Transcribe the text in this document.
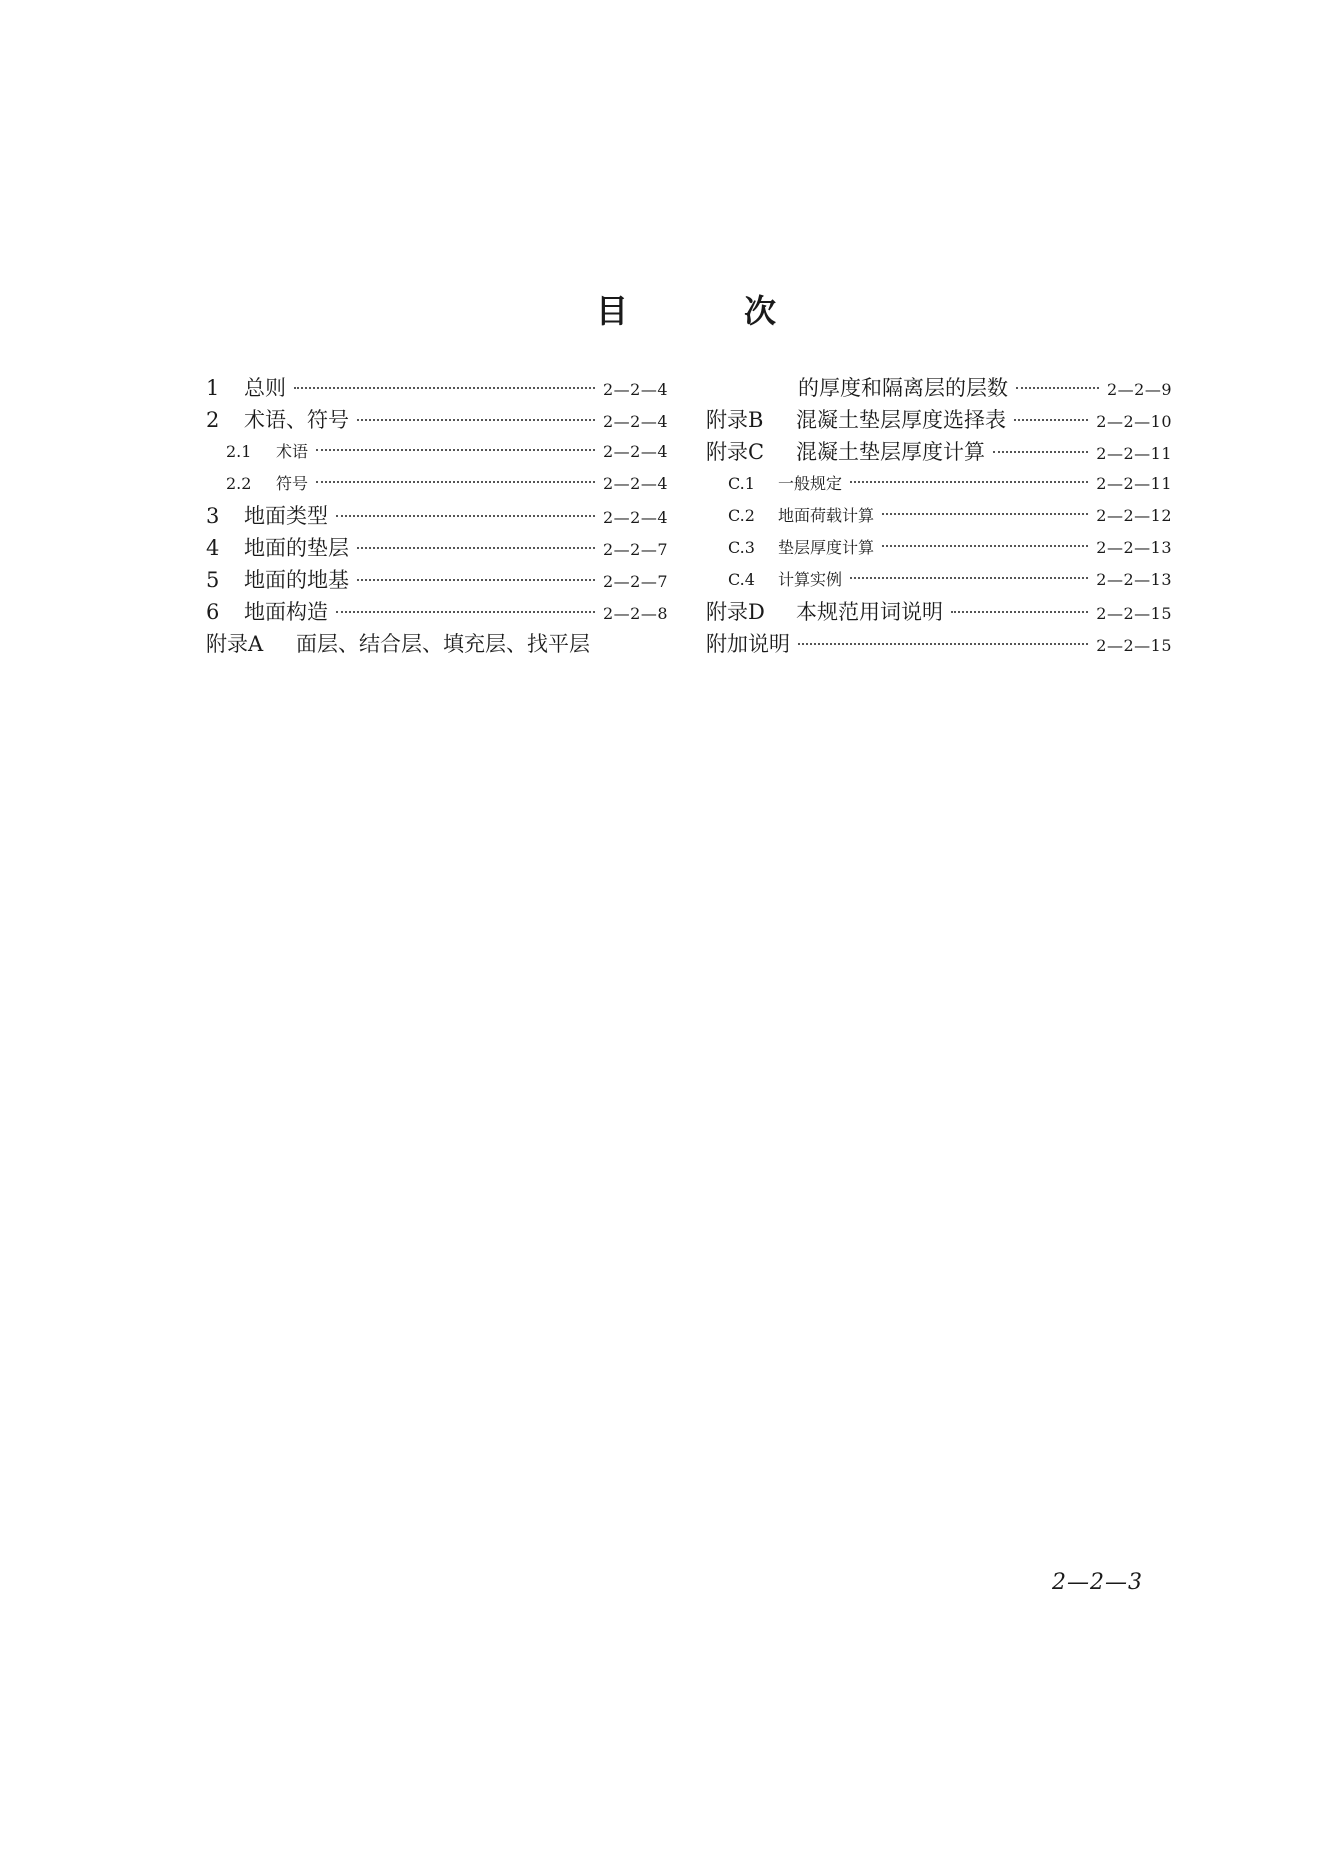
目	次
1	总则	2—2—4
2	术语、符号	2—2—4
2.1	术语	2—2—4
2.2	符号	2—2—4
3	地面类型	2—2—4
4	地面的垫层	2—2—7
5	地面的地基	2—2—7
6	地面构造	2—2—8
附录A	面层、结合层、填充层、找平层
的厚度和隔离层的层数	2—2—9
附录B	混凝土垫层厚度选择表	2—2—10
附录C	混凝土垫层厚度计算	2—2—11
C.1	一般规定	2—2—11
C.2	地面荷载计算	2—2—12
C.3	垫层厚度计算	2—2—13
C.4	计算实例	2—2—13
附录D	本规范用词说明	2—2—15
附加说明	2—2—15
2—2—3
